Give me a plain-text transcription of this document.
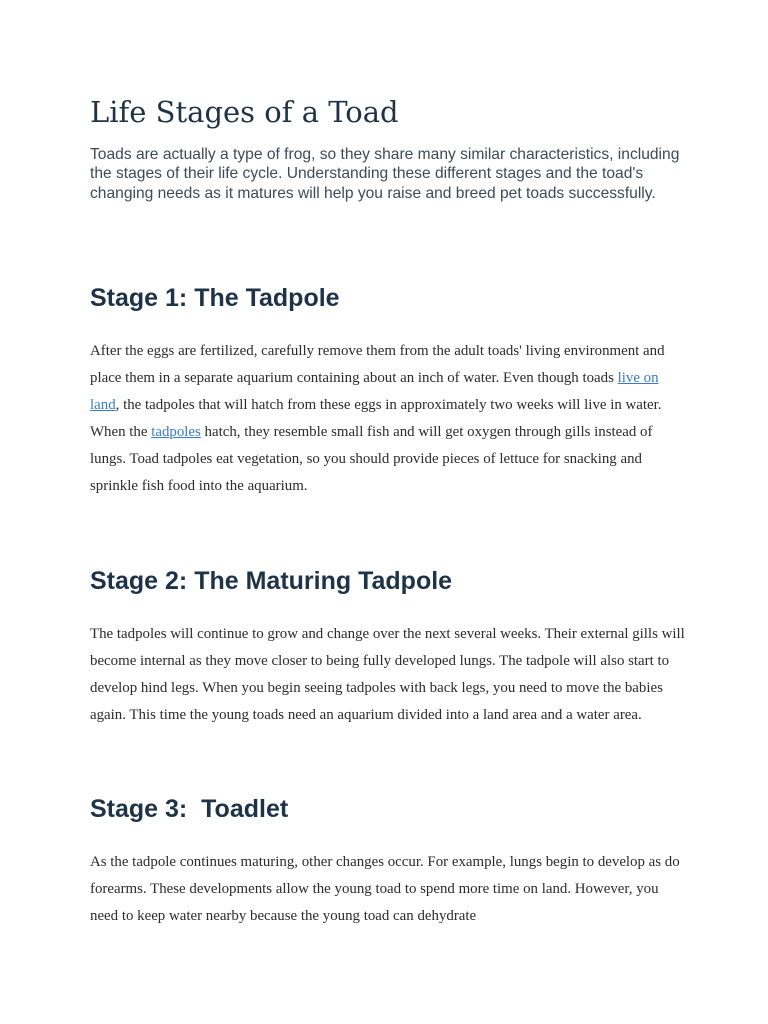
Life Stages of a Toad

Toads are actually a type of frog, so they share many similar characteristics, including the stages of their life cycle. Understanding these different stages and the toad's changing needs as it matures will help you raise and breed pet toads successfully.

Stage 1: The Tadpole

After the eggs are fertilized, carefully remove them from the adult toads' living environment and place them in a separate aquarium containing about an inch of water. Even though toads live on land, the tadpoles that will hatch from these eggs in approximately two weeks will live in water. When the tadpoles hatch, they resemble small fish and will get oxygen through gills instead of lungs. Toad tadpoles eat vegetation, so you should provide pieces of lettuce for snacking and sprinkle fish food into the aquarium.

Stage 2: The Maturing Tadpole

The tadpoles will continue to grow and change over the next several weeks. Their external gills will become internal as they move closer to being fully developed lungs. The tadpole will also start to develop hind legs. When you begin seeing tadpoles with back legs, you need to move the babies again. This time the young toads need an aquarium divided into a land area and a water area.

Stage 3:  Toadlet

As the tadpole continues maturing, other changes occur. For example, lungs begin to develop as do forearms. These developments allow the young toad to spend more time on land. However, you need to keep water nearby because the young toad can dehydrate
